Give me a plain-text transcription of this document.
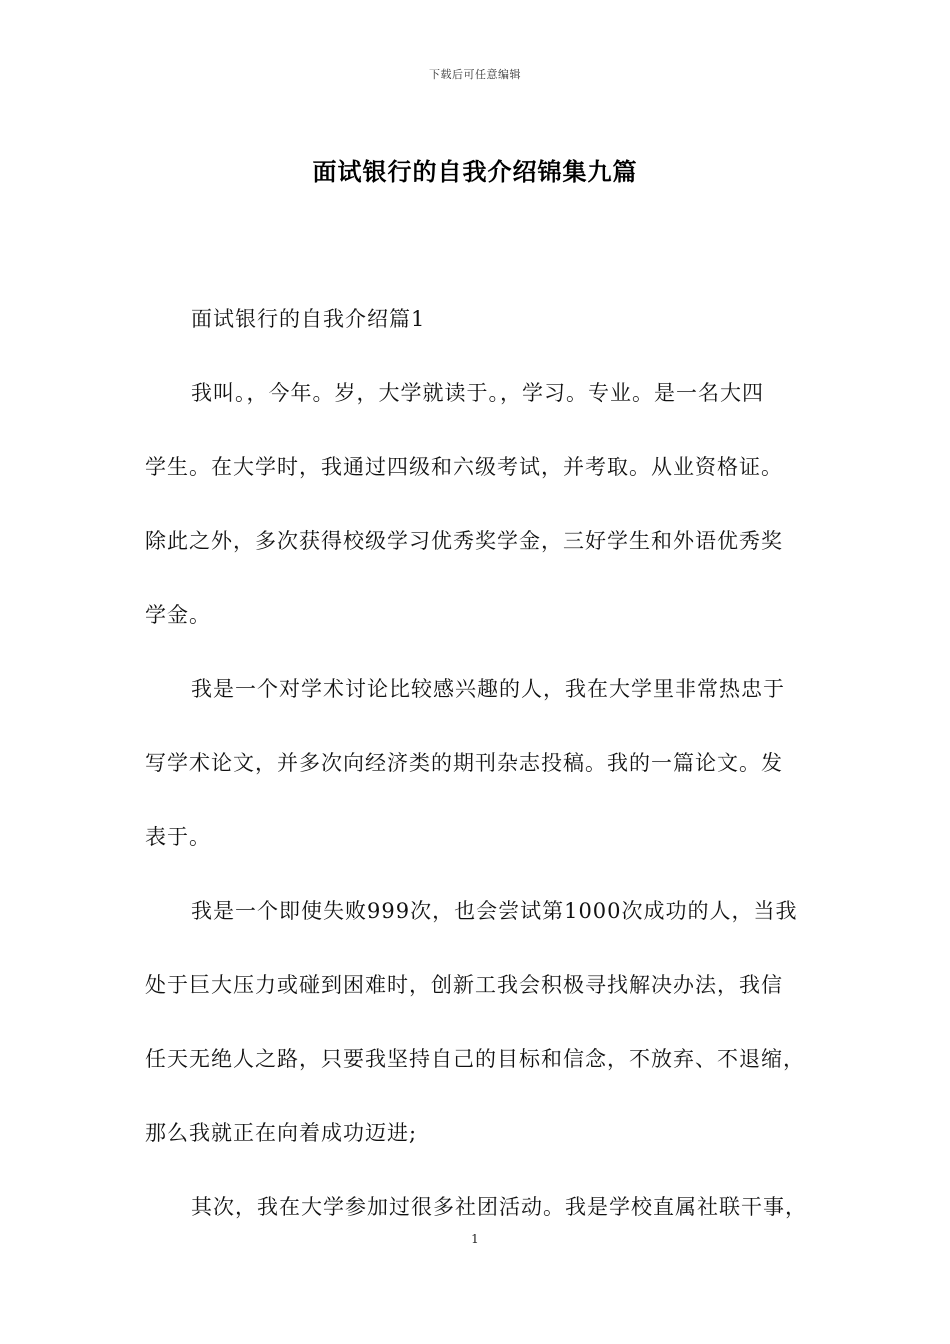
下载后可任意编辑
面试银行的自我介绍锦集九篇

面试银行的自我介绍篇1

我叫。，今年。岁，大学就读于。，学习。专业。是一名大四
学生。在大学时，我通过四级和六级考试，并考取。从业资格证。
除此之外，多次获得校级学习优秀奖学金，三好学生和外语优秀奖
学金。

我是一个对学术讨论比较感兴趣的人，我在大学里非常热忠于
写学术论文，并多次向经济类的期刊杂志投稿。我的一篇论文。发
表于。

我是一个即使失败999次，也会尝试第1000次成功的人，当我
处于巨大压力或碰到困难时，创新工我会积极寻找解决办法，我信
任天无绝人之路，只要我坚持自己的目标和信念，不放弃、不退缩，
那么我就正在向着成功迈进;

其次，我在大学参加过很多社团活动。我是学校直属社联干事，

1
